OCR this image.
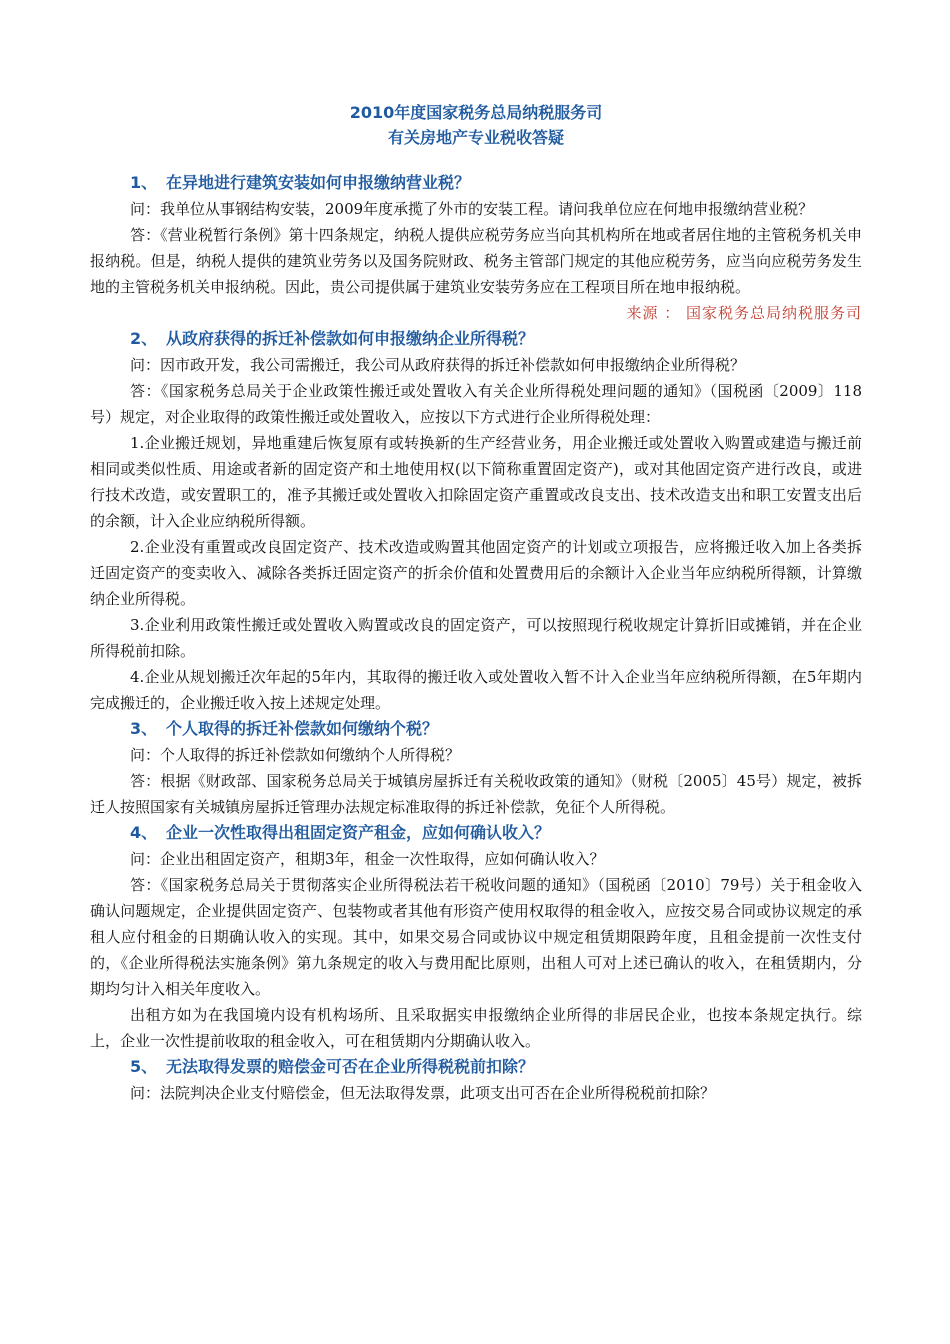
2010年度国家税务总局纳税服务司
有关房地产专业税收答疑
1、 在异地进行建筑安装如何申报缴纳营业税？

问：我单位从事钢结构安装，2009年度承揽了外市的安装工程。请问我单位应在何地申报缴纳营业税？

答：《营业税暂行条例》第十四条规定，纳税人提供应税劳务应当向其机构所在地或者居住地的主管税务机关申报纳税。但是，纳税人提供的建筑业劳务以及国务院财政、税务主管部门规定的其他应税劳务，应当向应税劳务发生地的主管税务机关申报纳税。因此，贵公司提供属于建筑业安装劳务应在工程项目所在地申报纳税。

来源 ： 国家税务总局纳税服务司
2、 从政府获得的拆迁补偿款如何申报缴纳企业所得税？

问：因市政开发，我公司需搬迁，我公司从政府获得的拆迁补偿款如何申报缴纳企业所得税？

答：《国家税务总局关于企业政策性搬迁或处置收入有关企业所得税处理问题的通知》（国税函〔2009〕118号）规定，对企业取得的政策性搬迁或处置收入，应按以下方式进行企业所得税处理：

1.企业搬迁规划，异地重建后恢复原有或转换新的生产经营业务，用企业搬迁或处置收入购置或建造与搬迁前相同或类似性质、用途或者新的固定资产和土地使用权(以下简称重置固定资产)，或对其他固定资产进行改良，或进行技术改造，或安置职工的，准予其搬迁或处置收入扣除固定资产重置或改良支出、技术改造支出和职工安置支出后的余额，计入企业应纳税所得额。

2.企业没有重置或改良固定资产、技术改造或购置其他固定资产的计划或立项报告，应将搬迁收入加上各类拆迁固定资产的变卖收入、减除各类拆迁固定资产的折余价值和处置费用后的余额计入企业当年应纳税所得额，计算缴纳企业所得税。

3.企业利用政策性搬迁或处置收入购置或改良的固定资产，可以按照现行税收规定计算折旧或摊销，并在企业所得税前扣除。

4.企业从规划搬迁次年起的5年内，其取得的搬迁收入或处置收入暂不计入企业当年应纳税所得额，在5年期内完成搬迁的，企业搬迁收入按上述规定处理。

3、 个人取得的拆迁补偿款如何缴纳个税？

问：个人取得的拆迁补偿款如何缴纳个人所得税？

答：根据《财政部、国家税务总局关于城镇房屋拆迁有关税收政策的通知》（财税〔2005〕45号）规定，被拆迁人按照国家有关城镇房屋拆迁管理办法规定标准取得的拆迁补偿款，免征个人所得税。

4、 企业一次性取得出租固定资产租金，应如何确认收入？

问：企业出租固定资产，租期3年，租金一次性取得，应如何确认收入？

答：《国家税务总局关于贯彻落实企业所得税法若干税收问题的通知》（国税函〔2010〕79号）关于租金收入确认问题规定，企业提供固定资产、包装物或者其他有形资产使用权取得的租金收入，应按交易合同或协议规定的承租人应付租金的日期确认收入的实现。其中，如果交易合同或协议中规定租赁期限跨年度，且租金提前一次性支付的，《企业所得税法实施条例》第九条规定的收入与费用配比原则，出租人可对上述已确认的收入，在租赁期内，分期均匀计入相关年度收入。

出租方如为在我国境内设有机构场所、且采取据实申报缴纳企业所得的非居民企业，也按本条规定执行。综上，企业一次性提前收取的租金收入，可在租赁期内分期确认收入。

5、 无法取得发票的赔偿金可否在企业所得税税前扣除？

问：法院判决企业支付赔偿金，但无法取得发票，此项支出可否在企业所得税税前扣除？
